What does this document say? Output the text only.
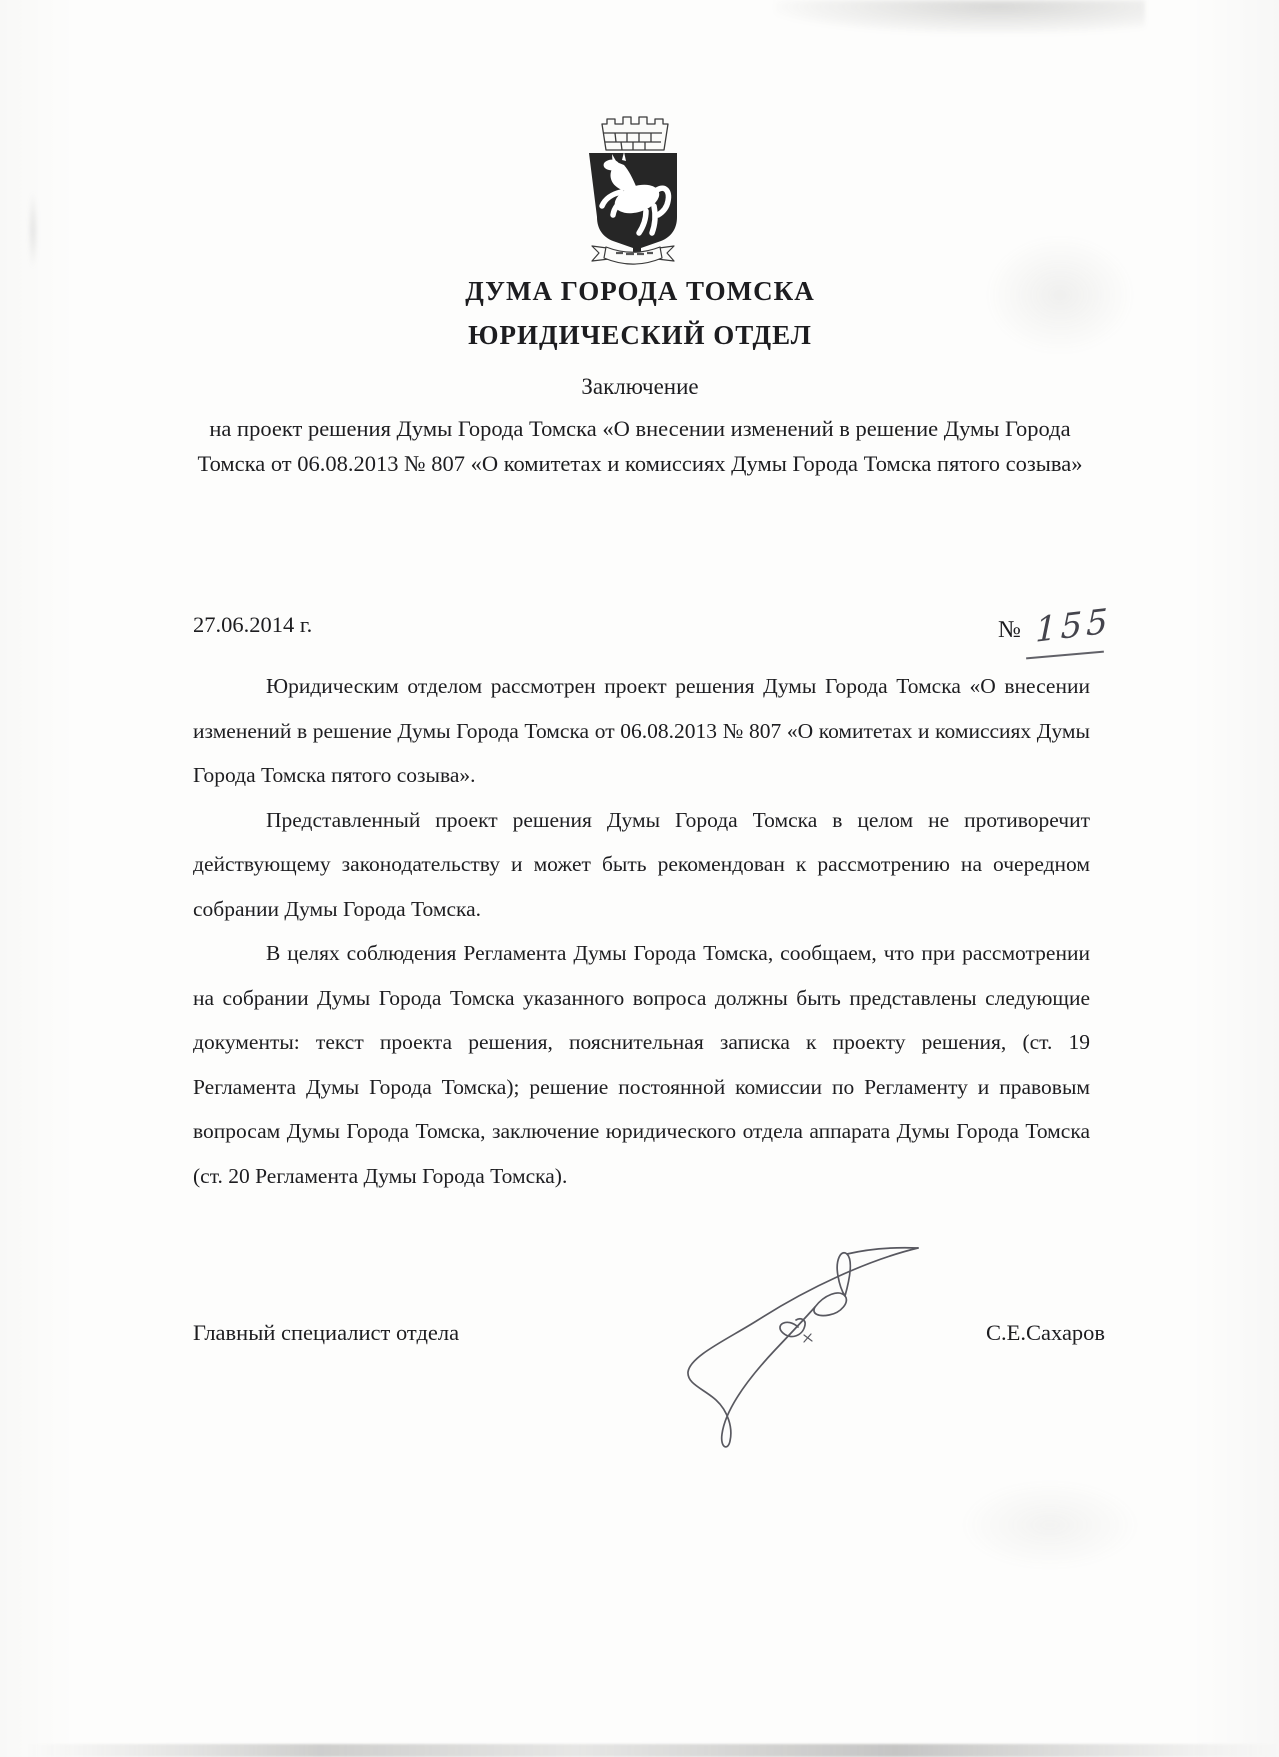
ДУМА ГОРОДА ТОМСКА
ЮРИДИЧЕСКИЙ ОТДЕЛ
Заключение
на проект решения Думы Города Томска «О внесении изменений в решение Думы Города Томска от 06.08.2013 № 807 «О комитетах и комиссиях Думы Города Томска пятого созыва»
27.06.2014 г.	№ 155

Юридическим отделом рассмотрен проект решения Думы Города Томска «О внесении изменений в решение Думы Города Томска от 06.08.2013 № 807 «О комитетах и комиссиях Думы Города Томска пятого созыва».

Представленный проект решения Думы Города Томска в целом не противоречит действующему законодательству и может быть рекомендован к рассмотрению на очередном собрании Думы Города Томска.

В целях соблюдения Регламента Думы Города Томска, сообщаем, что при рассмотрении на собрании Думы Города Томска указанного вопроса должны быть представлены следующие документы: текст проекта решения, пояснительная записка к проекту решения, (ст. 19 Регламента Думы Города Томска); решение постоянной комиссии по Регламенту и правовым вопросам Думы Города Томска, заключение юридического отдела аппарата Думы Города Томска (ст. 20 Регламента Думы Города Томска).

Главный специалист отдела	С.Е.Сахаров
